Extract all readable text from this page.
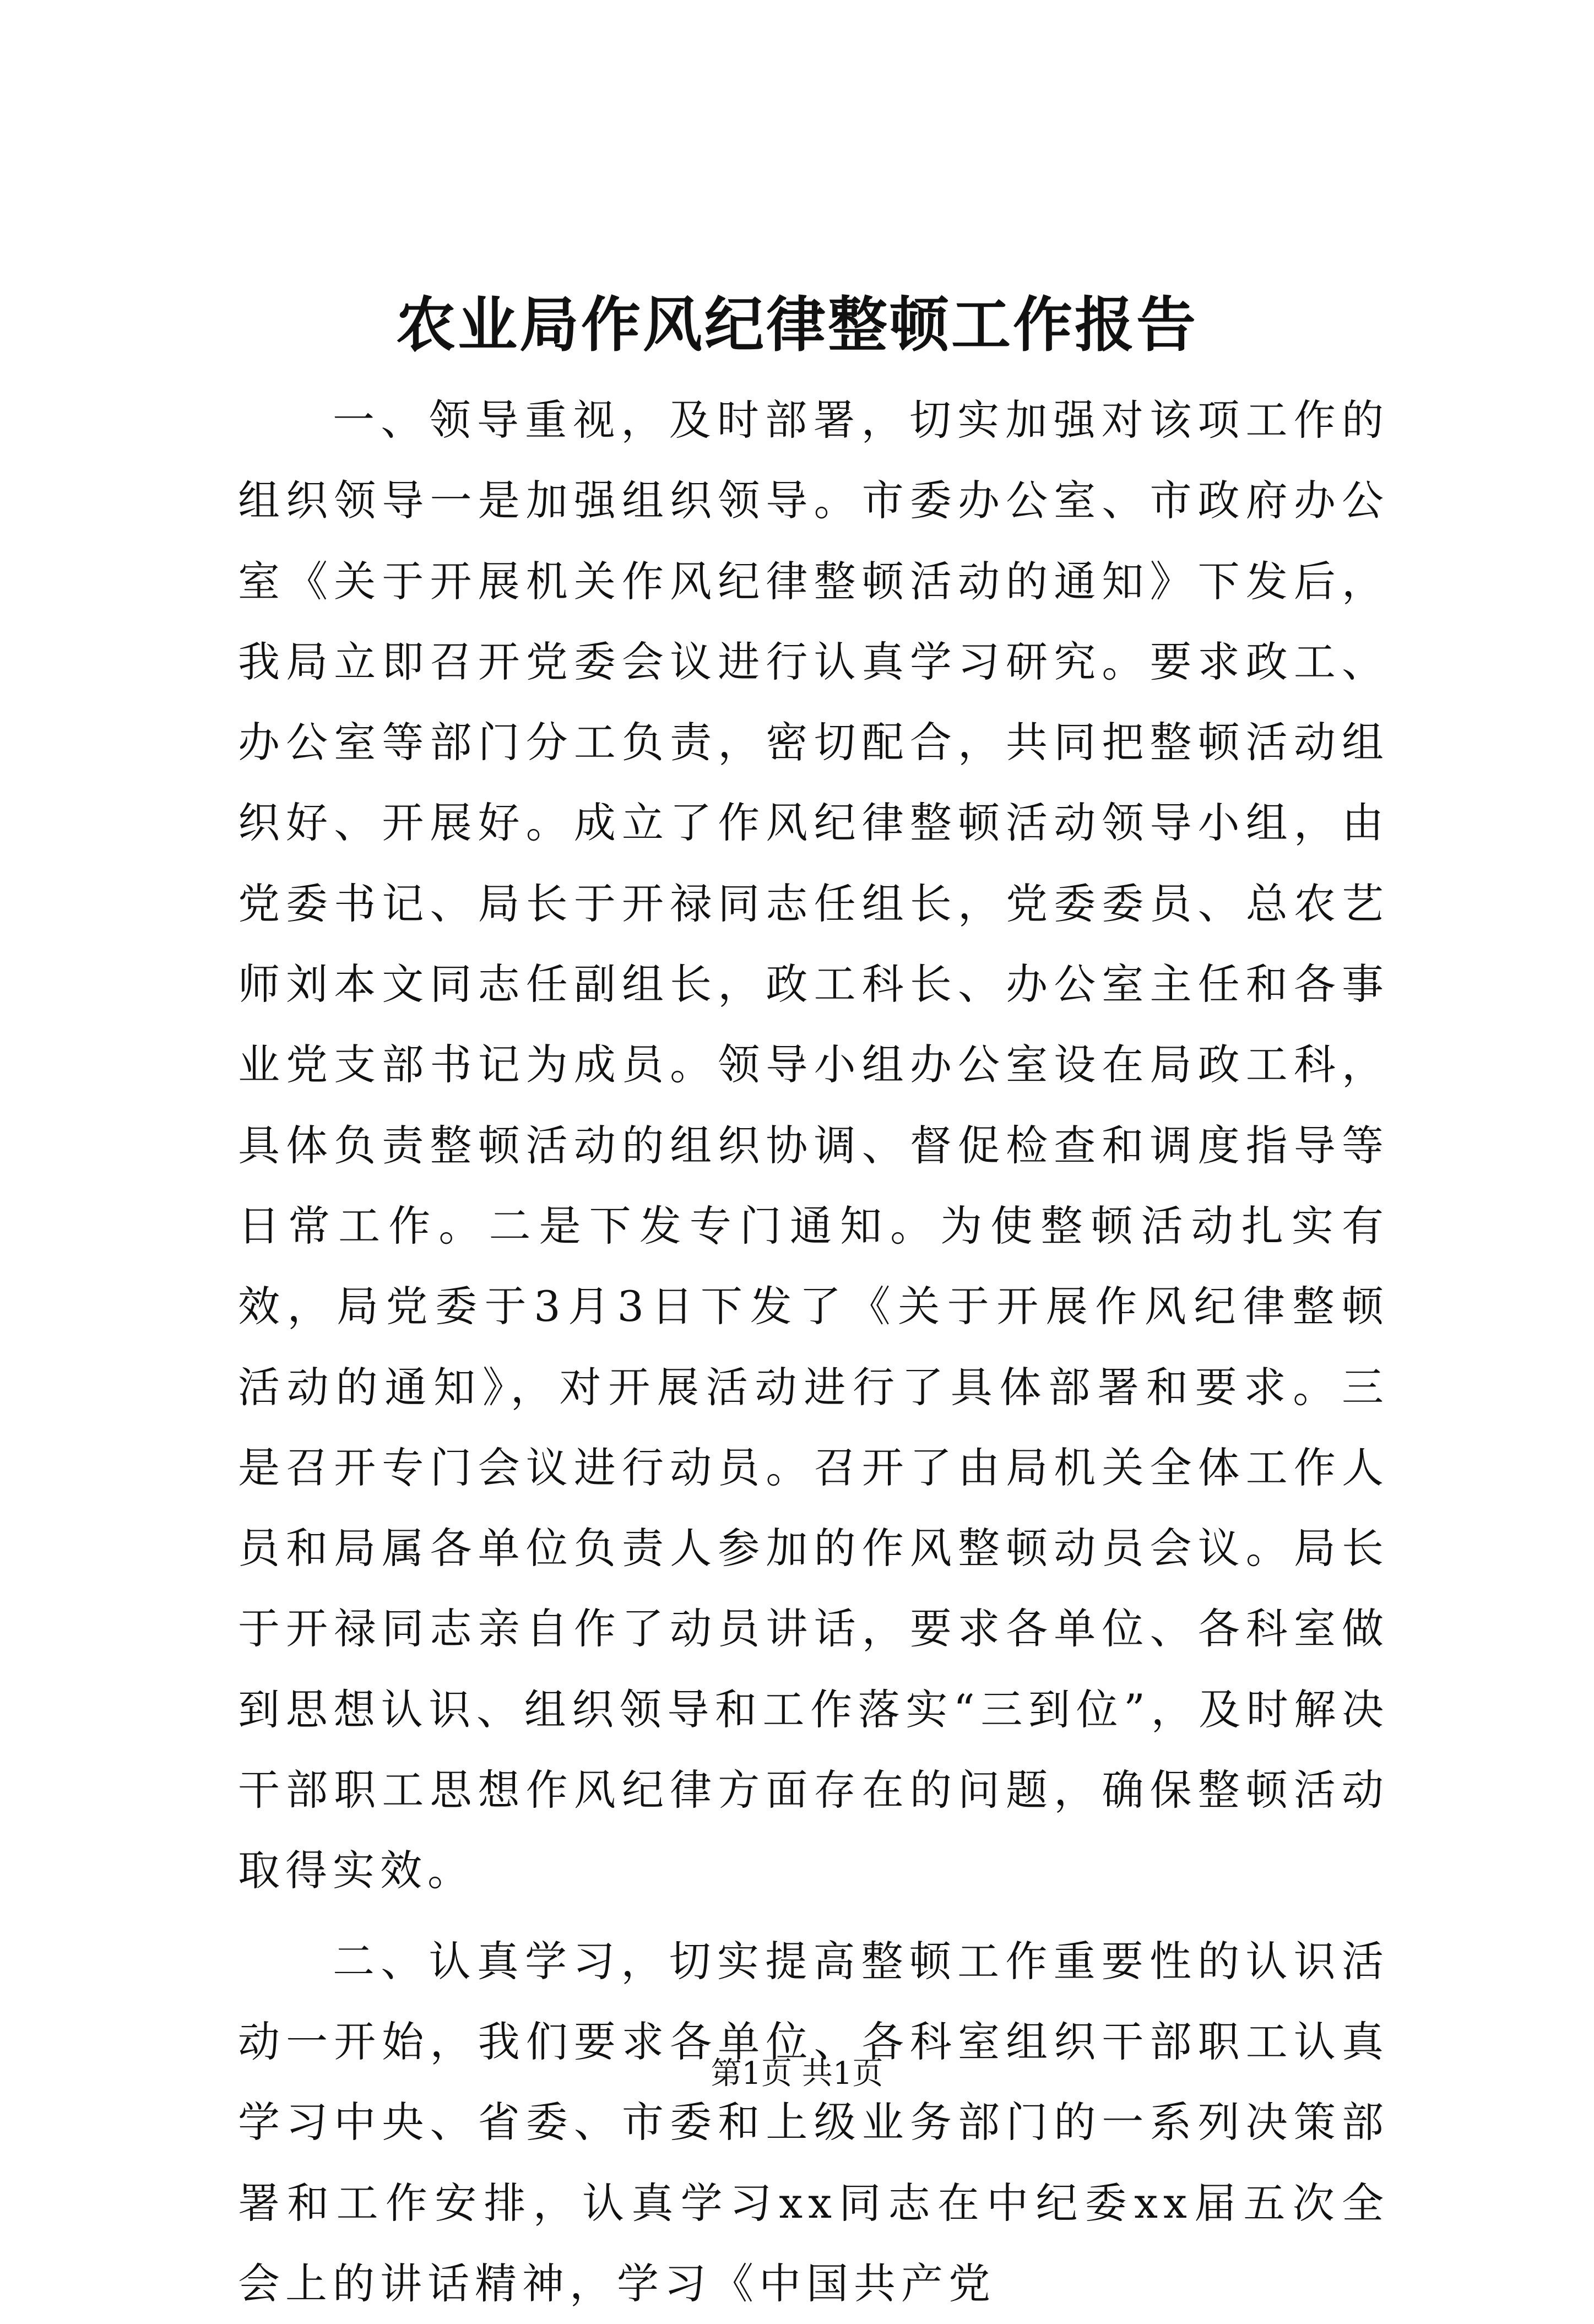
农业局作风纪律整顿工作报告

一、领导重视，及时部署，切实加强对该项工作的组织领导一是加强组织领导。市委办公室、市政府办公室《关于开展机关作风纪律整顿活动的通知》下发后，我局立即召开党委会议进行认真学习研究。要求政工、办公室等部门分工负责，密切配合，共同把整顿活动组织好、开展好。成立了作风纪律整顿活动领导小组，由党委书记、局长于开禄同志任组长，党委委员、总农艺师刘本文同志任副组长，政工科长、办公室主任和各事业党支部书记为成员。领导小组办公室设在局政工科，具体负责整顿活动的组织协调、督促检查和调度指导等日常工作。二是下发专门通知。为使整顿活动扎实有效，局党委于3月3日下发了《关于开展作风纪律整顿活动的通知》，对开展活动进行了具体部署和要求。三是召开专门会议进行动员。召开了由局机关全体工作人员和局属各单位负责人参加的作风整顿动员会议。局长于开禄同志亲自作了动员讲话，要求各单位、各科室做到思想认识、组织领导和工作落实“三到位”，及时解决干部职工思想作风纪律方面存在的问题，确保整顿活动取得实效。

二、认真学习，切实提高整顿工作重要性的认识活动一开始，我们要求各单位、各科室组织干部职工认真学习中央、省委、市委和上级业务部门的一系列决策部署和工作安排，认真学习xx同志在中纪委xx届五次全会上的讲话精神，学习《中国共产党

第1页 共1页
